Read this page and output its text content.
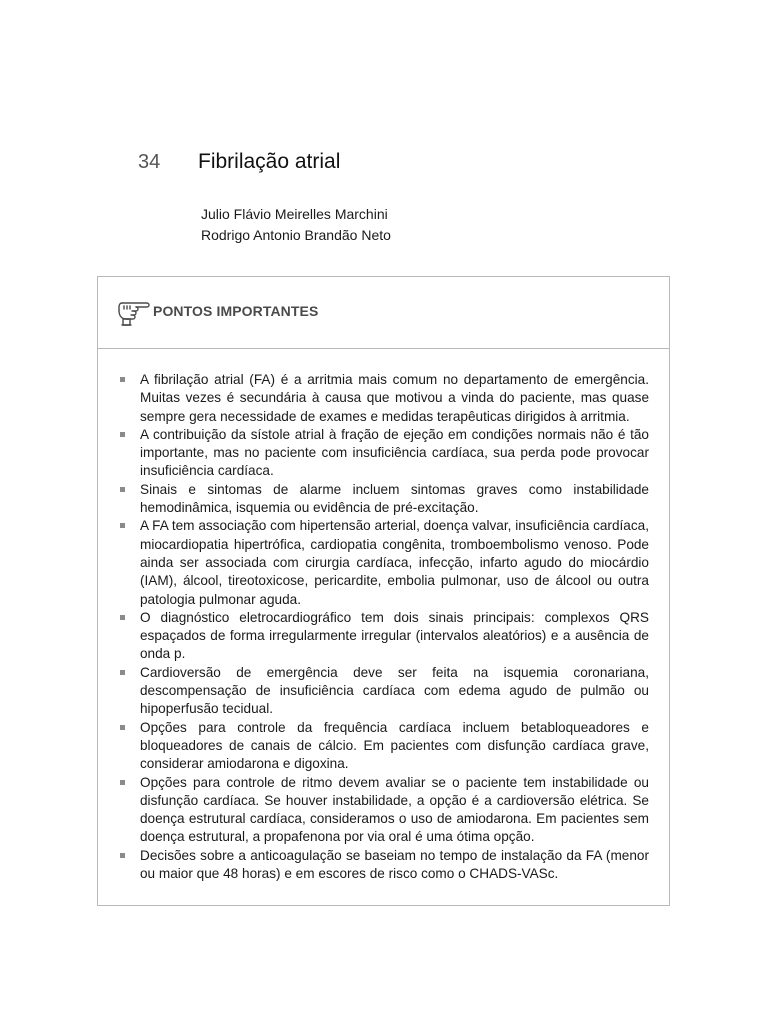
34 Fibrilação atrial
Julio Flávio Meirelles Marchini
Rodrigo Antonio Brandão Neto
PONTOS IMPORTANTES
A fibrilação atrial (FA) é a arritmia mais comum no departamento de emergência. Muitas vezes é secundária à causa que motivou a vinda do paciente, mas quase sempre gera necessidade de exames e medidas terapêuticas dirigidos à arritmia.
A contribuição da sístole atrial à fração de ejeção em condições normais não é tão importante, mas no paciente com insuficiência cardíaca, sua perda pode provocar insuficiência cardíaca.
Sinais e sintomas de alarme incluem sintomas graves como instabilidade hemodinâmica, isquemia ou evidência de pré-excitação.
A FA tem associação com hipertensão arterial, doença valvar, insuficiência cardíaca, miocardiopatia hipertrófica, cardiopatia congênita, tromboembolismo venoso. Pode ainda ser associada com cirurgia cardíaca, infecção, infarto agudo do miocárdio (IAM), álcool, tireotoxicose, pericardite, embolia pulmonar, uso de álcool ou outra patologia pulmonar aguda.
O diagnóstico eletrocardiográfico tem dois sinais principais: complexos QRS espaçados de forma irregularmente irregular (intervalos aleatórios) e a ausência de onda p.
Cardioversão de emergência deve ser feita na isquemia coronariana, descompensação de insuficiência cardíaca com edema agudo de pulmão ou hipoperfusão tecidual.
Opções para controle da frequência cardíaca incluem betabloqueadores e bloqueadores de canais de cálcio. Em pacientes com disfunção cardíaca grave, considerar amiodarona e digoxina.
Opções para controle de ritmo devem avaliar se o paciente tem instabilidade ou disfunção cardíaca. Se houver instabilidade, a opção é a cardioversão elétrica. Se doença estrutural cardíaca, consideramos o uso de amiodarona. Em pacientes sem doença estrutural, a propafenona por via oral é uma ótima opção.
Decisões sobre a anticoagulação se baseiam no tempo de instalação da FA (menor ou maior que 48 horas) e em escores de risco como o CHADS-VASc.
